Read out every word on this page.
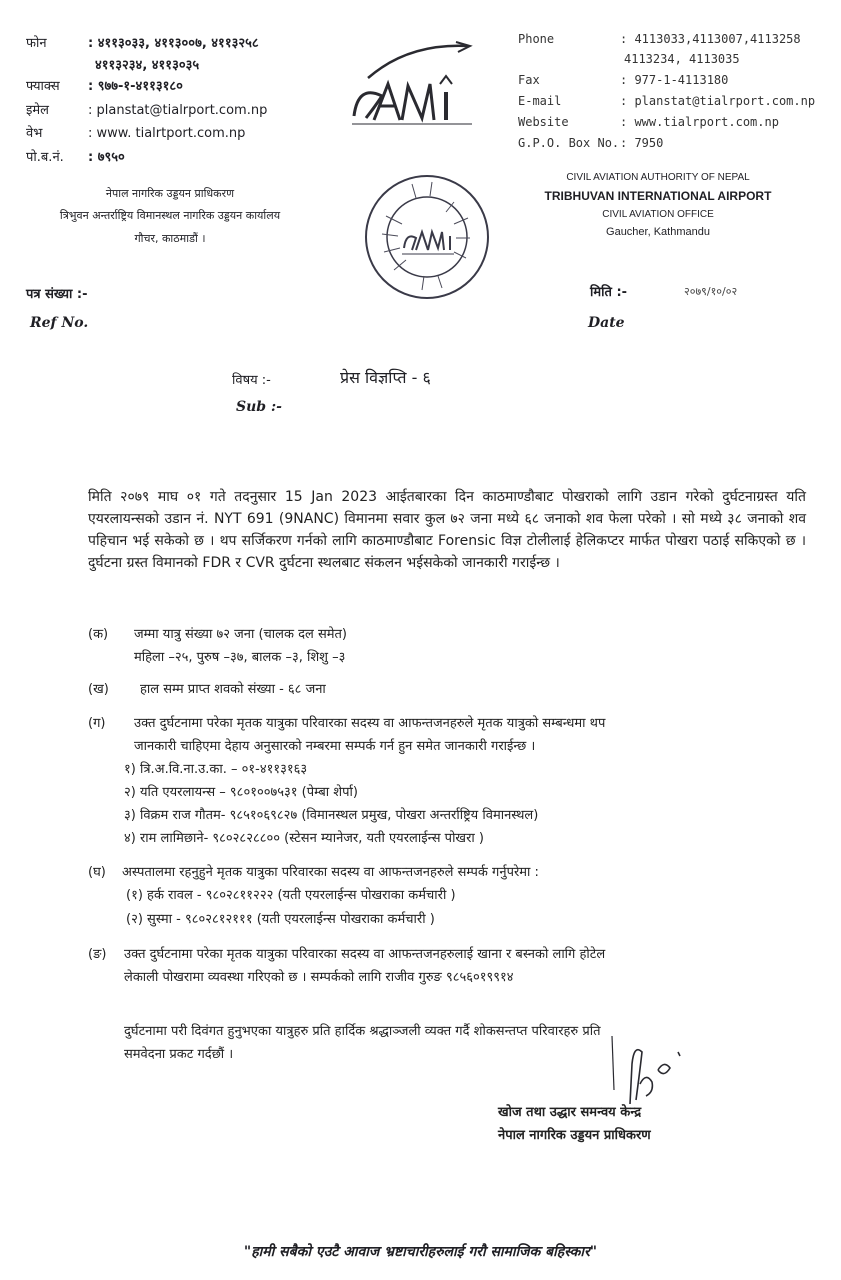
फोन	: ४११३०३३, ४११३००७, ४११३२५८
४११३२३४, ४११३०३५
फ्याक्स : ९७७-१-४११३१८०
इमेल	: planstat@tialrport.com.np
वेभ	: www. tialrtport.com.np
पो.ब.नं. : ७९५०
Phone	: 4113033,4113007,4113258
4113234, 4113035
Fax	: 977-1-4113180
E-mail	: planstat@tialrport.com.np
Website	: www.tialrport.com.np
G.P.O. Box No. : 7950
नेपाल नागरिक उड्डयन प्राधिकरण
त्रिभुवन अन्तर्राष्ट्रिय विमानस्थल नागरिक उड्डयन कार्यालय
गौचर, काठमाडौं ।
CIVIL AVIATION AUTHORITY OF NEPAL
TRIBHUVAN INTERNATIONAL AIRPORT
CIVIL AVIATION OFFICE
Gaucher, Kathmandu
पत्र संख्या :-
Ref No.
मिति :-	२०७९/१०/०२
Date
विषय :-	प्रेस विज्ञप्ति - ६
Sub :-
मिति २०७९ माघ ०१ गते तदनुसार 15 Jan 2023 आईतबारका दिन काठमाण्डौबाट पोखराको लागि उडान गरेको दुर्घटनाग्रस्त यति एयरलायन्सको उडान नं. NYT 691 (9NANC) विमानमा सवार कुल ७२ जना मध्ये ६८ जनाको शव फेला परेको । सो मध्ये ३८ जनाको शव पहिचान भई सकेको छ । थप सर्जिकरण गर्नको लागि काठमाण्डौबाट Forensic विज्ञ टोलीलाई हेलिकप्टर मार्फत पोखरा पठाई सकिएको छ । दुर्घटना ग्रस्त विमानको FDR र CVR दुर्घटना स्थलबाट संकलन भईसकेको जानकारी गराईन्छ ।
(क) जम्मा यात्रु संख्या ७२ जना (चालक दल समेत)
महिला –२५, पुरुष –३७, बालक –३, शिशु –३
(ख) हाल सम्म प्राप्त शवको संख्या - ६८ जना
(ग) उक्त दुर्घटनामा परेका मृतक यात्रुका परिवारका सदस्य वा आफन्तजनहरुले मृतक यात्रुको सम्बन्धमा थप
जानकारी चाहिएमा देहाय अनुसारको नम्बरमा सम्पर्क गर्न हुन समेत जानकारी गराईन्छ ।
१) त्रि.अ.वि.ना.उ.का. – ०१-४११३१६३
२) यति एयरलायन्स – ९८०१००७५३१ (पेम्बा शेर्पा)
३) विक्रम राज गौतम- ९८५१०६९८२७ (विमानस्थल प्रमुख, पोखरा अन्तर्राष्ट्रिय विमानस्थल)
४) राम लामिछाने- ९८०२८२८८०० (स्टेसन म्यानेजर, यती एयरलाईन्स पोखरा )
(घ) अस्पतालमा रहनुहुने मृतक यात्रुका परिवारका सदस्य वा आफन्तजनहरुले सम्पर्क गर्नुपरेमा :
(१) हर्क रावल - ९८०२८११२२२ (यती एयरलाईन्स पोखराका कर्मचारी )
(२) सुस्मा - ९८०२८१२१११ (यती एयरलाईन्स पोखराका कर्मचारी )
(ङ) उक्त दुर्घटनामा परेका मृतक यात्रुका परिवारका सदस्य वा आफन्तजनहरुलाई खाना र बस्नको लागि होटेल
लेकाली पोखरामा व्यवस्था गरिएको छ । सम्पर्कको लागि राजीव गुरुङ ९८५६०१९९१४
दुर्घटनामा परी दिवंगत हुनुभएका यात्रुहरु प्रति हार्दिक श्रद्धाञ्जली व्यक्त गर्दै शोकसन्तप्त परिवारहरु प्रति
समवेदना प्रकट गर्दछौं ।
खोज तथा उद्धार समन्वय केन्द्र
नेपाल नागरिक उड्डयन प्राधिकरण
"हामी सबैको एउटै आवाज भ्रष्टाचारीहरुलाई गरौ सामाजिक बहिस्कार"
